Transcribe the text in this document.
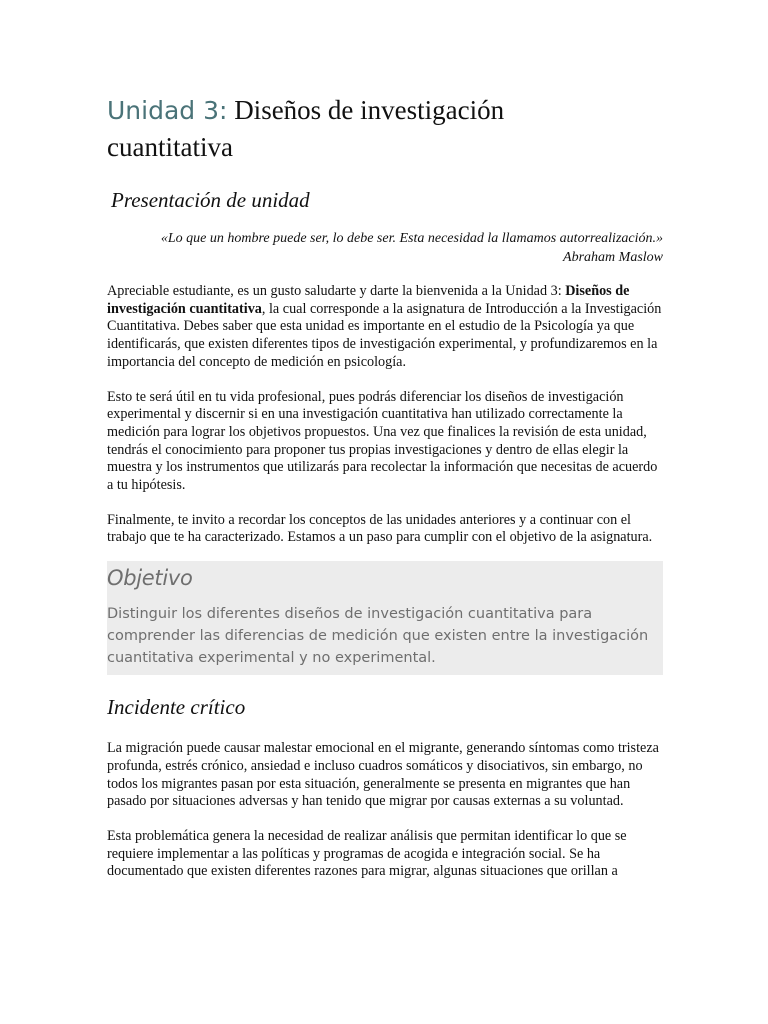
Unidad 3: Diseños de investigación
cuantitativa
Presentación de unidad
«Lo que un hombre puede ser, lo debe ser. Esta necesidad la llamamos autorrealización.»
Abraham Maslow

Apreciable estudiante, es un gusto saludarte y darte la bienvenida a la Unidad 3: Diseños de investigación cuantitativa, la cual corresponde a la asignatura de Introducción a la Investigación Cuantitativa. Debes saber que esta unidad es importante en el estudio de la Psicología ya que identificarás, que existen diferentes tipos de investigación experimental, y profundizaremos en la importancia del concepto de medición en psicología.

Esto te será útil en tu vida profesional, pues podrás diferenciar los diseños de investigación experimental y discernir si en una investigación cuantitativa han utilizado correctamente la medición para lograr los objetivos propuestos. Una vez que finalices la revisión de esta unidad, tendrás el conocimiento para proponer tus propias investigaciones y dentro de ellas elegir la muestra y los instrumentos que utilizarás para recolectar la información que necesitas de acuerdo a tu hipótesis.

Finalmente, te invito a recordar los conceptos de las unidades anteriores y a continuar con el trabajo que te ha caracterizado. Estamos a un paso para cumplir con el objetivo de la asignatura.

Objetivo

Distinguir los diferentes diseños de investigación cuantitativa para comprender las diferencias de medición que existen entre la investigación cuantitativa experimental y no experimental.

Incidente crítico

La migración puede causar malestar emocional en el migrante, generando síntomas como tristeza profunda, estrés crónico, ansiedad e incluso cuadros somáticos y disociativos, sin embargo, no todos los migrantes pasan por esta situación, generalmente se presenta en migrantes que han pasado por situaciones adversas y han tenido que migrar por causas externas a su voluntad.

Esta problemática genera la necesidad de realizar análisis que permitan identificar lo que se requiere implementar a las políticas y programas de acogida e integración social. Se ha documentado que existen diferentes razones para migrar, algunas situaciones que orillan a
